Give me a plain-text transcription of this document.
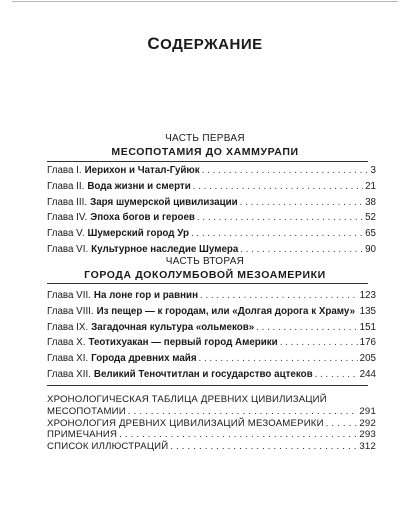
СОДЕРЖАНИЕ
ЧАСТЬ ПЕРВАЯ
МЕСОПОТАМИЯ ДО ХАММУРАПИ
Глава I. Иерихон и Чатал-Гуйюк . . .	3
Глава II. Вода жизни и смерти . . .	21
Глава III. Заря шумерской цивилизации . . .	38
Глава IV. Эпоха богов и героев . . .	52
Глава V. Шумерский город Ур . . .	65
Глава VI. Культурное наследие Шумера . . .	90
ЧАСТЬ ВТОРАЯ
ГОРОДА ДОКОЛУМБОВОЙ МЕЗОАМЕРИКИ
Глава VII. На лоне гор и равнин . . .	123
Глава VIII. Из пещер — к городам, или «Долгая дорога к Храму» . . . 135
Глава IX. Загадочная культура «ольмеков» . . .	151
Глава X. Теотихуакан — первый город Америки . . .	176
Глава XI. Города древних майя . . .	205
Глава XII. Великий Теночтитлан и государство ацтеков . . .	244
ХРОНОЛОГИЧЕСКАЯ ТАБЛИЦА ДРЕВНИХ ЦИВИЛИЗАЦИЙ
МЕСОПОТАМИИ . . .	291
ХРОНОЛОГИЯ ДРЕВНИХ ЦИВИЛИЗАЦИЙ МЕЗОАМЕРИКИ . . .	292
ПРИМЕЧАНИЯ . . .	293
СПИСОК ИЛЛЮСТРАЦИЙ . . .	312
